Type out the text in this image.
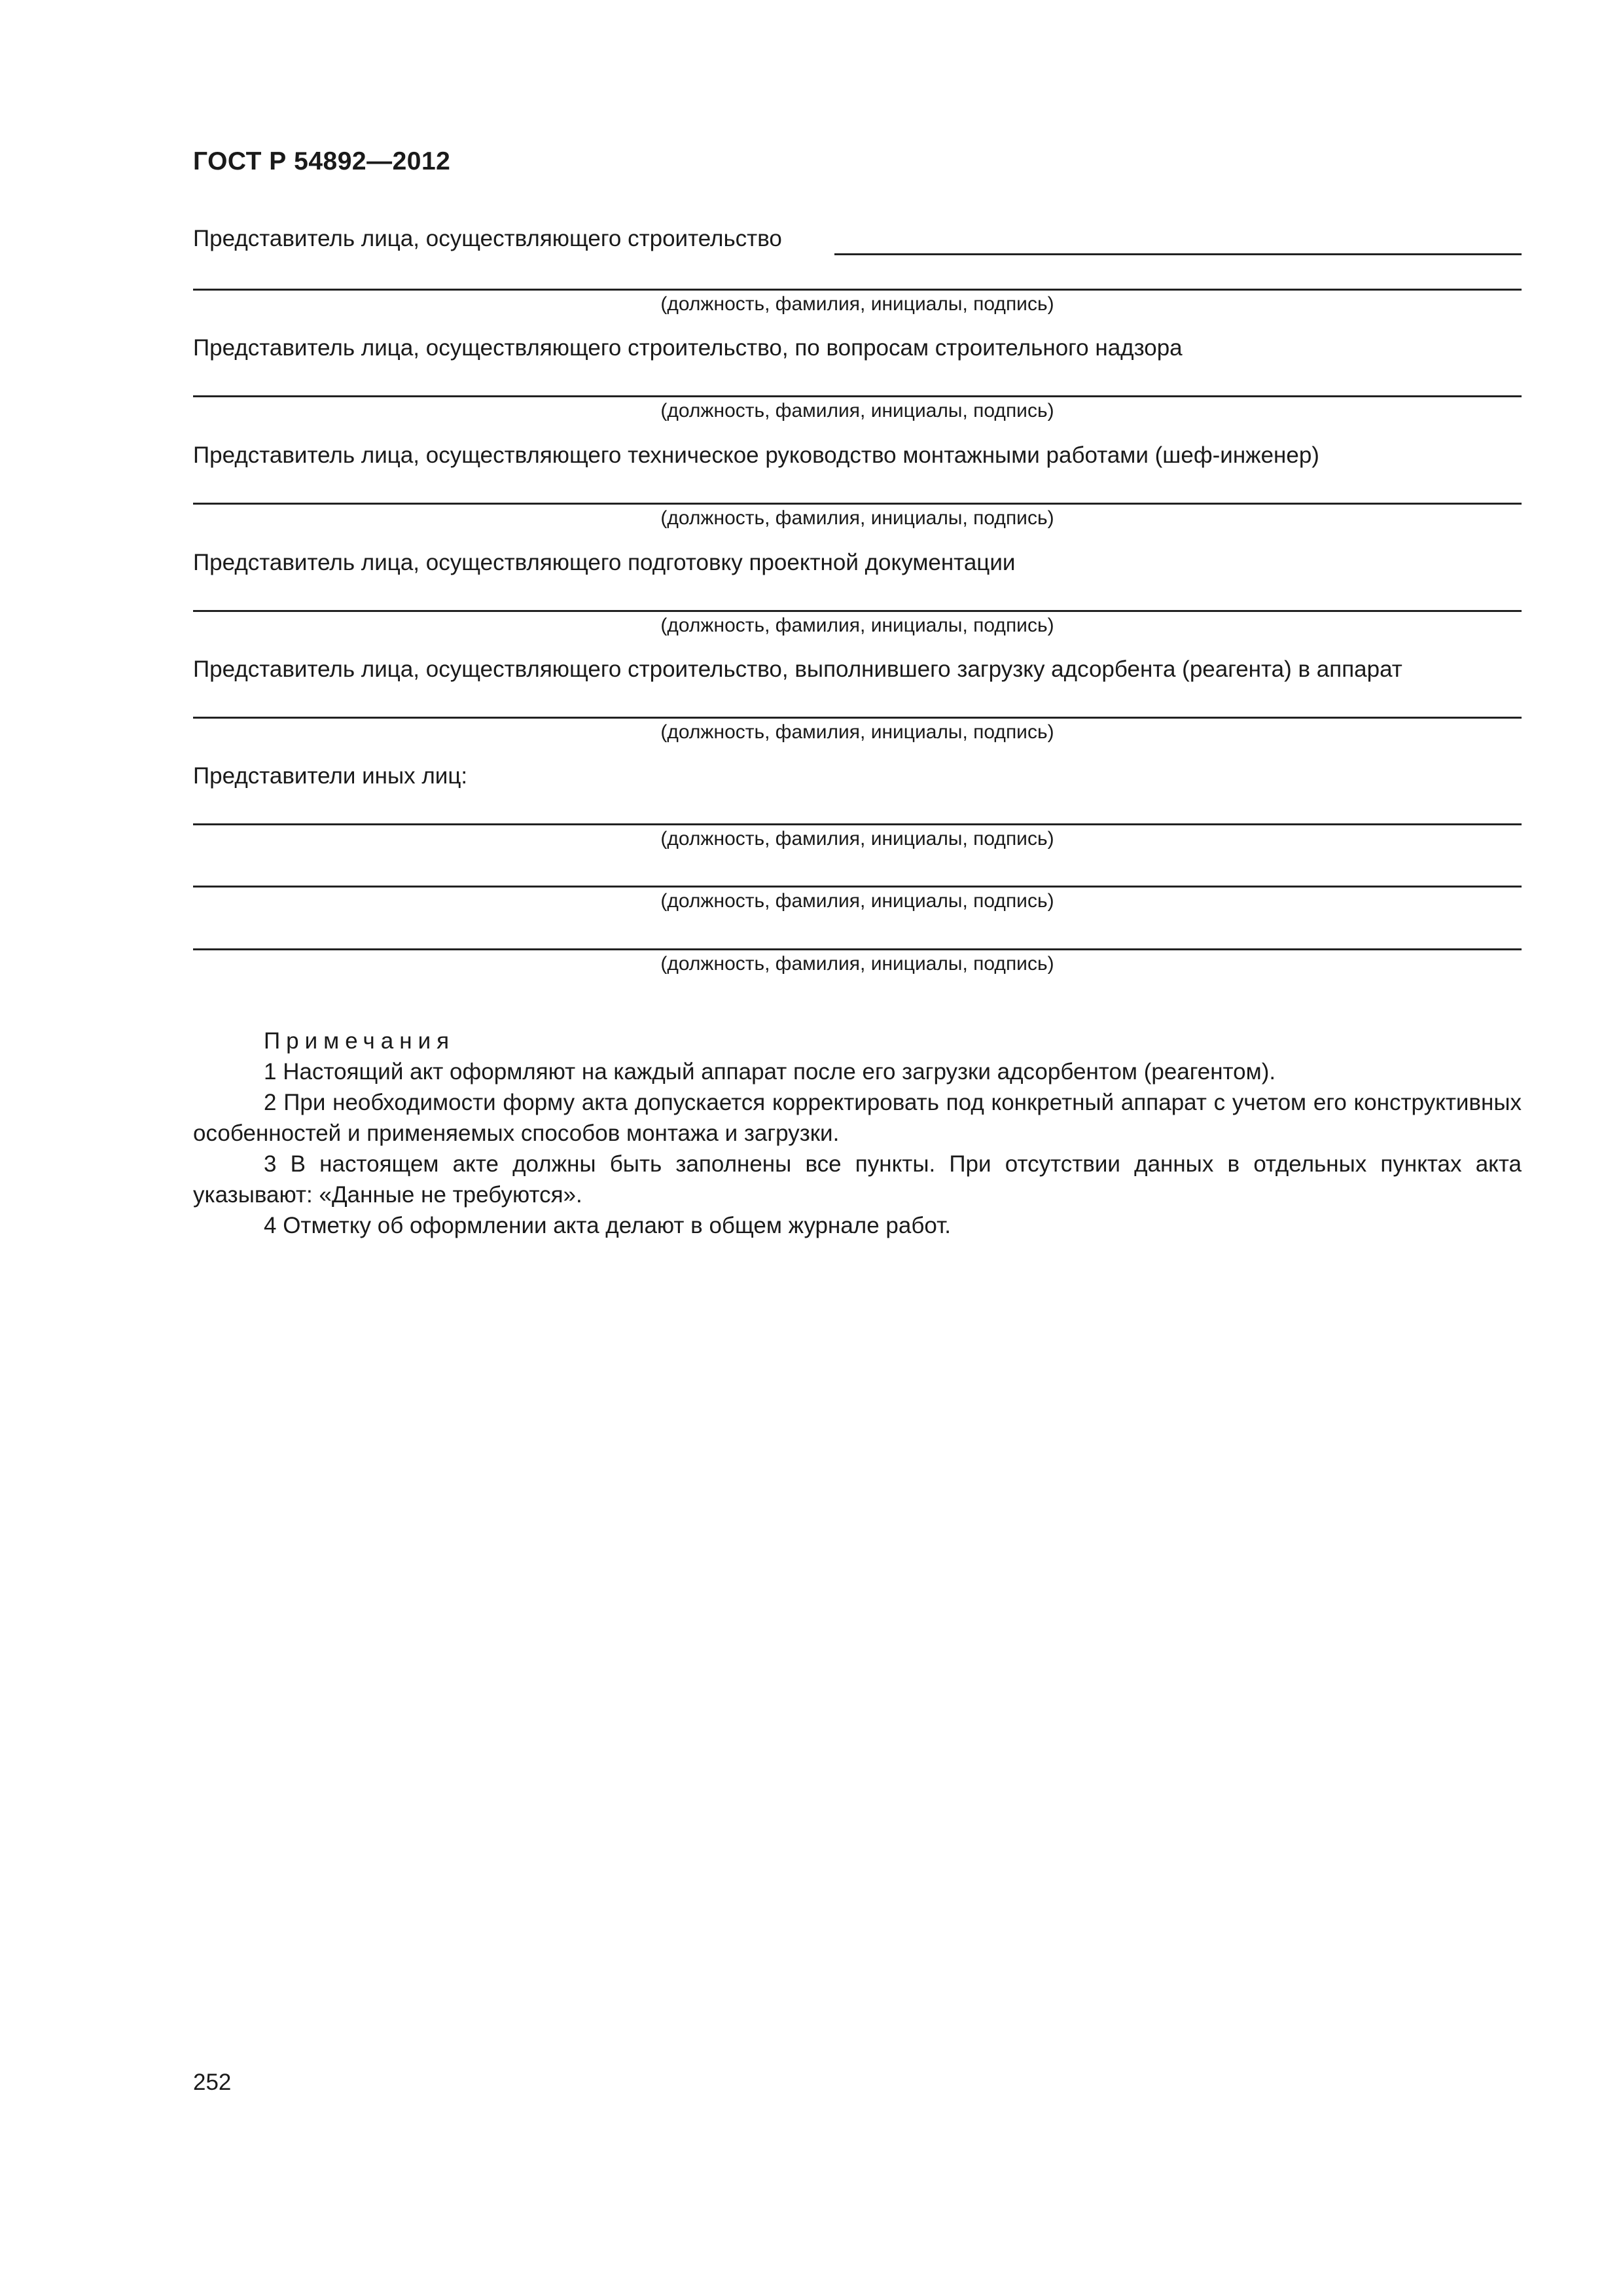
ГОСТ Р 54892—2012
Представитель лица, осуществляющего строительство
(должность, фамилия, инициалы, подпись)
Представитель лица, осуществляющего строительство, по вопросам строительного надзора
(должность, фамилия, инициалы, подпись)
Представитель лица, осуществляющего техническое руководство монтажными работами (шеф-инженер)
(должность, фамилия, инициалы, подпись)
Представитель лица, осуществляющего подготовку проектной документации
(должность, фамилия, инициалы, подпись)
Представитель лица, осуществляющего строительство, выполнившего загрузку адсорбента (реагента) в аппарат
(должность, фамилия, инициалы, подпись)
Представители иных лиц:
(должность, фамилия, инициалы, подпись)
(должность, фамилия, инициалы, подпись)
(должность, фамилия, инициалы, подпись)
Примечания

1 Настоящий акт оформляют на каждый аппарат после его загрузки адсорбентом (реагентом).

2 При необходимости форму акта допускается корректировать под конкретный аппарат с учетом его конструктивных особенностей и применяемых способов монтажа и загрузки.

3 В настоящем акте должны быть заполнены все пункты. При отсутствии данных в отдельных пунктах акта указывают: «Данные не требуются».

4 Отметку об оформлении акта делают в общем журнале работ.

252
